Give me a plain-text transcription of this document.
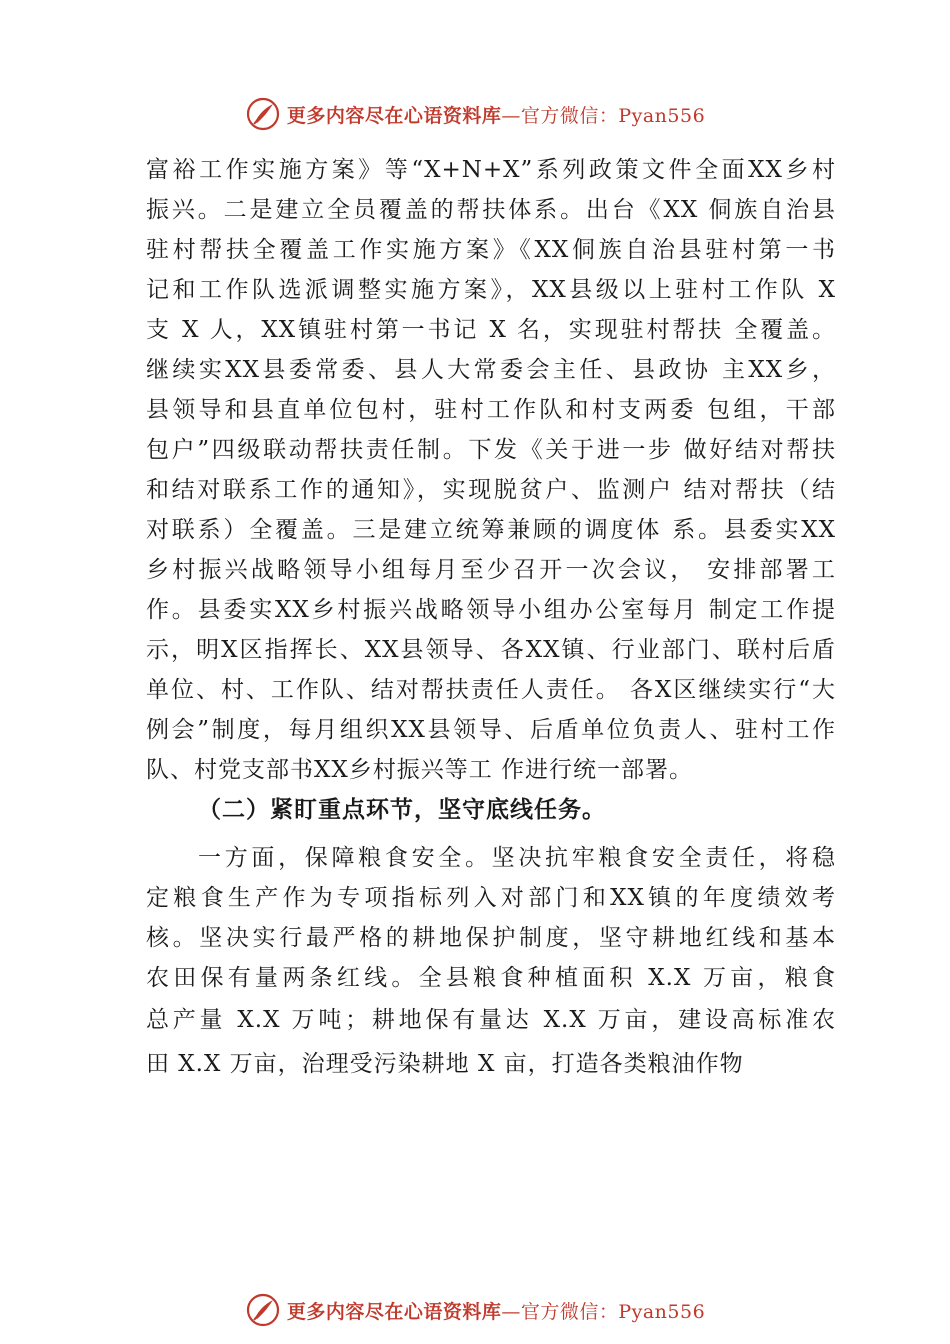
更多内容尽在心语资料库—官方微信：Pyan556
富裕工作实施方案》等“X+N+X”系列政策文件全面XX乡村
振兴。二是建立全员覆盖的帮扶体系。出台《XX 侗族自治县
驻村帮扶全覆盖工作实施方案》《XX侗族自治县驻村第一书
记和工作队选派调整实施方案》，XX县级以上驻村工作队 X
支 X 人，XX镇驻村第一书记 X 名，实现驻村帮扶 全覆盖。
继续实XX县委常委、县人大常委会主任、县政协 主XX乡，
县领导和县直单位包村，驻村工作队和村支两委 包组，干部
包户”四级联动帮扶责任制。下发《关于进一步 做好结对帮扶
和结对联系工作的通知》，实现脱贫户、监测户 结对帮扶（结
对联系）全覆盖。三是建立统筹兼顾的调度体 系。县委实XX
乡村振兴战略领导小组每月至少召开一次会议， 安排部署工
作。县委实XX乡村振兴战略领导小组办公室每月 制定工作提
示，明X区指挥长、XX县领导、各XX镇、行业部门、联村后盾
单位、村、工作队、结对帮扶责任人责任。 各X区继续实行“大
例会”制度，每月组织XX县领导、后盾单位负责人、驻村工作
队、村党支部书XX乡村振兴等工 作进行统一部署。
（二）紧盯重点环节，坚守底线任务。
一方面，保障粮食安全。坚决抗牢粮食安全责任，将稳
定粮食生产作为专项指标列入对部门和XX镇的年度绩效考
核。坚决实行最严格的耕地保护制度，坚守耕地红线和基本
农田保有量两条红线。全县粮食种植面积 X.X 万亩，粮食
总产量 X.X 万吨；耕地保有量达 X.X 万亩，建设高标准农
田 X.X 万亩，治理受污染耕地 X 亩，打造各类粮油作物
更多内容尽在心语资料库—官方微信：Pyan556
